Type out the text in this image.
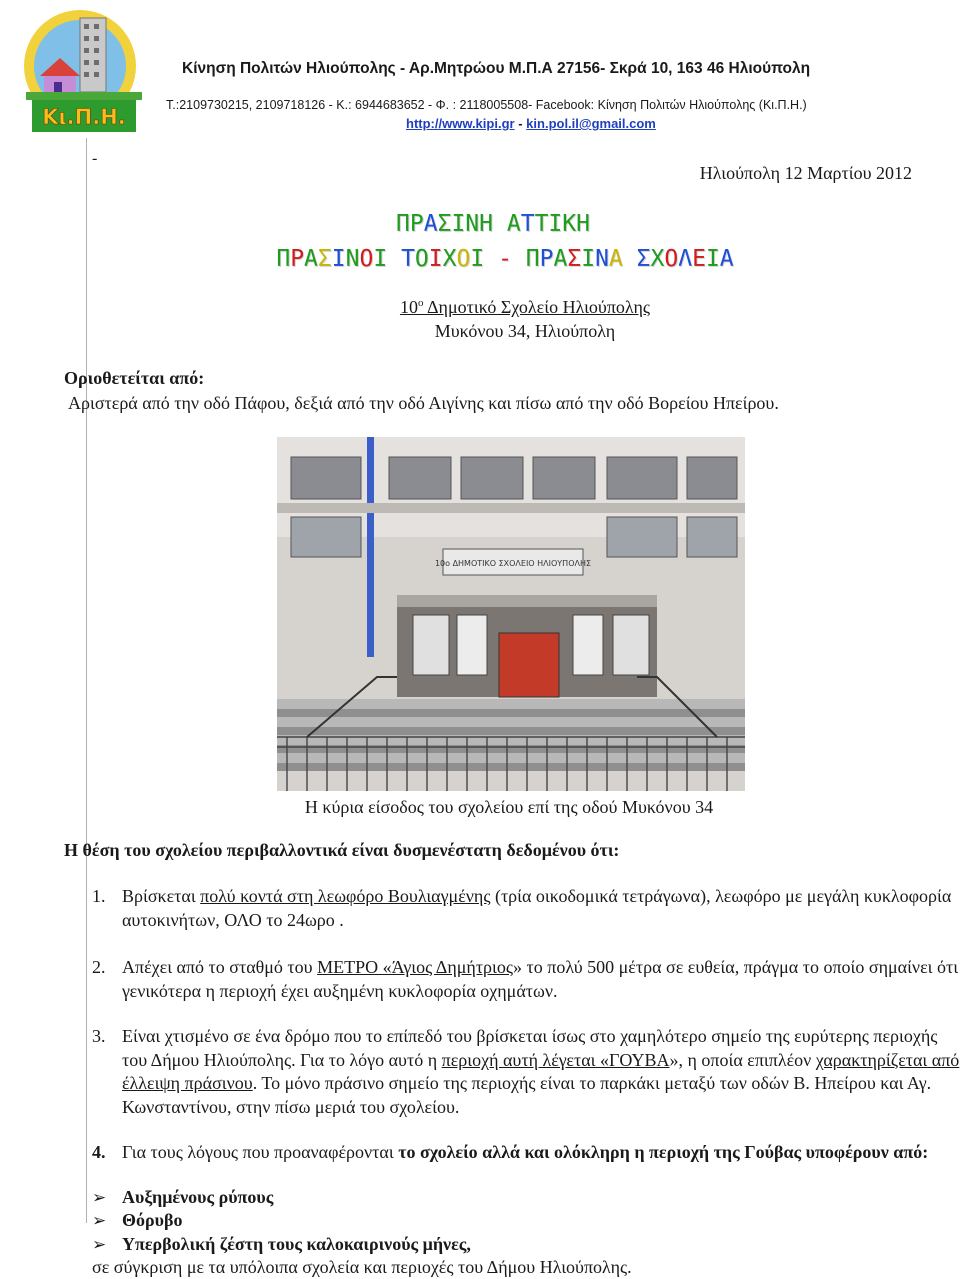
Κι.Π.Η.
Κίνηση Πολιτών Ηλιούπολης - Αρ.Μητρώου Μ.Π.Α 27156- Σκρά 10, 163 46 Ηλιούπολη
Τ.:2109730215, 2109718126 - Κ.: 6944683652 - Φ. : 2118005508- Facebook: Κίνηση Πολιτών Ηλιούπολης (Κι.Π.Η.)
http://www.kipi.gr - kin.pol.il@gmail.com
-
Ηλιούπολη 12 Μαρτίου 2012
ΠΡΑΣΙΝΗ ΑΤΤΙΚΗ
ΠΡΑΣΙΝΟΙ ΤΟΙΧΟΙ - ΠΡΑΣΙΝΑ ΣΧΟΛΕΙΑ
$10^o$ Δημοτικό Σχολείο Ηλιούπολης
Μυκόνου 34, Ηλιούπολη
Οριοθετείται από:
Αριστερά από την οδό Πάφου, δεξιά από την οδό Αιγίνης και πίσω από την οδό Βορείου Ηπείρου.
10ο ΔΗΜΟΤΙΚΟ ΣΧΟΛΕΙΟ ΗΛΙΟΥΠΟΛΗΣ
Η κύρια είσοδος του σχολείου επί της οδού Μυκόνου 34
Η θέση του σχολείου περιβαλλοντικά είναι δυσμενέστατη δεδομένου ότι:
1. Βρίσκεται πολύ κοντά στη λεωφόρο Βουλιαγμένης (τρία οικοδομικά τετράγωνα), λεωφόρο με μεγάλη κυκλοφορία αυτοκινήτων, ΟΛΟ το 24ωρο .
2. Απέχει από το σταθμό του ΜΕΤΡΟ «Άγιος Δημήτριος» το πολύ 500 μέτρα σε ευθεία, πράγμα το οποίο σημαίνει ότι γενικότερα η περιοχή έχει αυξημένη κυκλοφορία οχημάτων.
3. Είναι χτισμένο σε ένα δρόμο που το επίπεδό του βρίσκεται ίσως στο χαμηλότερο σημείο της ευρύτερης περιοχής του Δήμου Ηλιούπολης. Για το λόγο αυτό η περιοχή αυτή λέγεται «ΓΟΥΒΑ», η οποία επιπλέον χαρακτηρίζεται από έλλειψη πράσινου. Το μόνο πράσινο σημείο της περιοχής είναι το παρκάκι μεταξύ των οδών Β. Ηπείρου και Αγ. Κωνσταντίνου, στην πίσω μεριά του σχολείου.
4. Για τους λόγους που προαναφέρονται το σχολείο αλλά και ολόκληρη η περιοχή της Γούβας υποφέρουν από:
➢ Αυξημένους ρύπους
➢ Θόρυβο
➢ Υπερβολική ζέστη τους καλοκαιρινούς μήνες,
σε σύγκριση με τα υπόλοιπα σχολεία και περιοχές του Δήμου Ηλιούπολης.
